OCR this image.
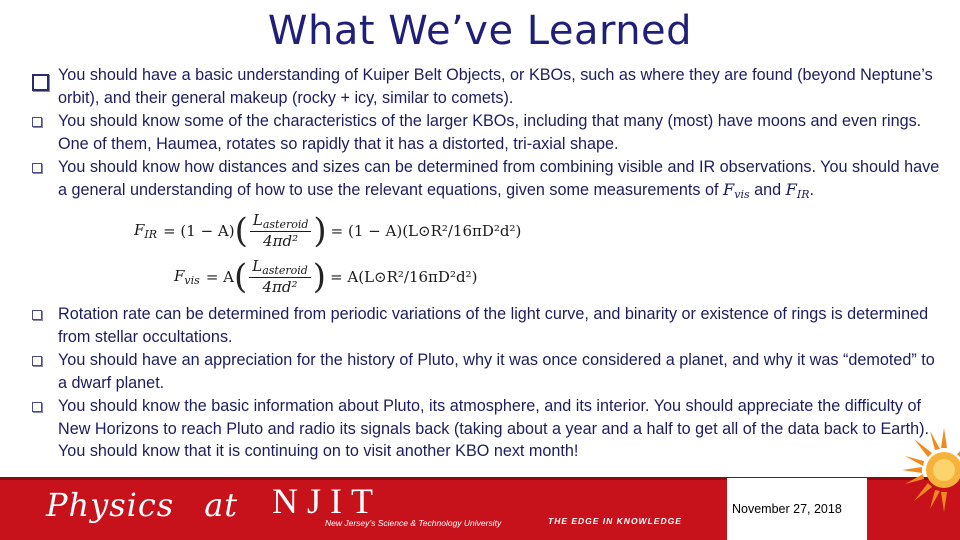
What We’ve Learned
You should have a basic understanding of Kuiper Belt Objects, or KBOs, such as where they are found (beyond Neptune’s orbit), and their general makeup (rocky + icy, similar to comets).
You should know some of the characteristics of the larger KBOs, including that many (most) have moons and even rings. One of them, Haumea, rotates so rapidly that it has a distorted, tri-axial shape.
You should know how distances and sizes can be determined from combining visible and IR observations. You should have a general understanding of how to use the relevant equations, given some measurements of $F_{vis}$ and $F_{IR}$.
$F_{IR} = (1 - A)$ ( $\frac{L_{asteroid}}{\text{4πd²}}$ ) = (1 − A)(L⊙R²/16πD²d²)
$F_{vis} = A$ ( $\frac{L_{asteroid}}{\text{4πd²}}$ ) = A(L⊙R²/16πD²d²)
Rotation rate can be determined from periodic variations of the light curve, and binarity or existence of rings is determined from stellar occultations.
You should have an appreciation for the history of Pluto, why it was once considered a planet, and why it was “demoted” to a dwarf planet.
You should know the basic information about Pluto, its atmosphere, and its interior. You should appreciate the difficulty of New Horizons to reach Pluto and radio its signals back (taking about a year and a half to get all of the data back to Earth). You should know that it is continuing on to visit another KBO next month!
Physics at NJIT
New Jersey’s Science & Technology University	THE EDGE IN KNOWLEDGE
November 27, 2018
